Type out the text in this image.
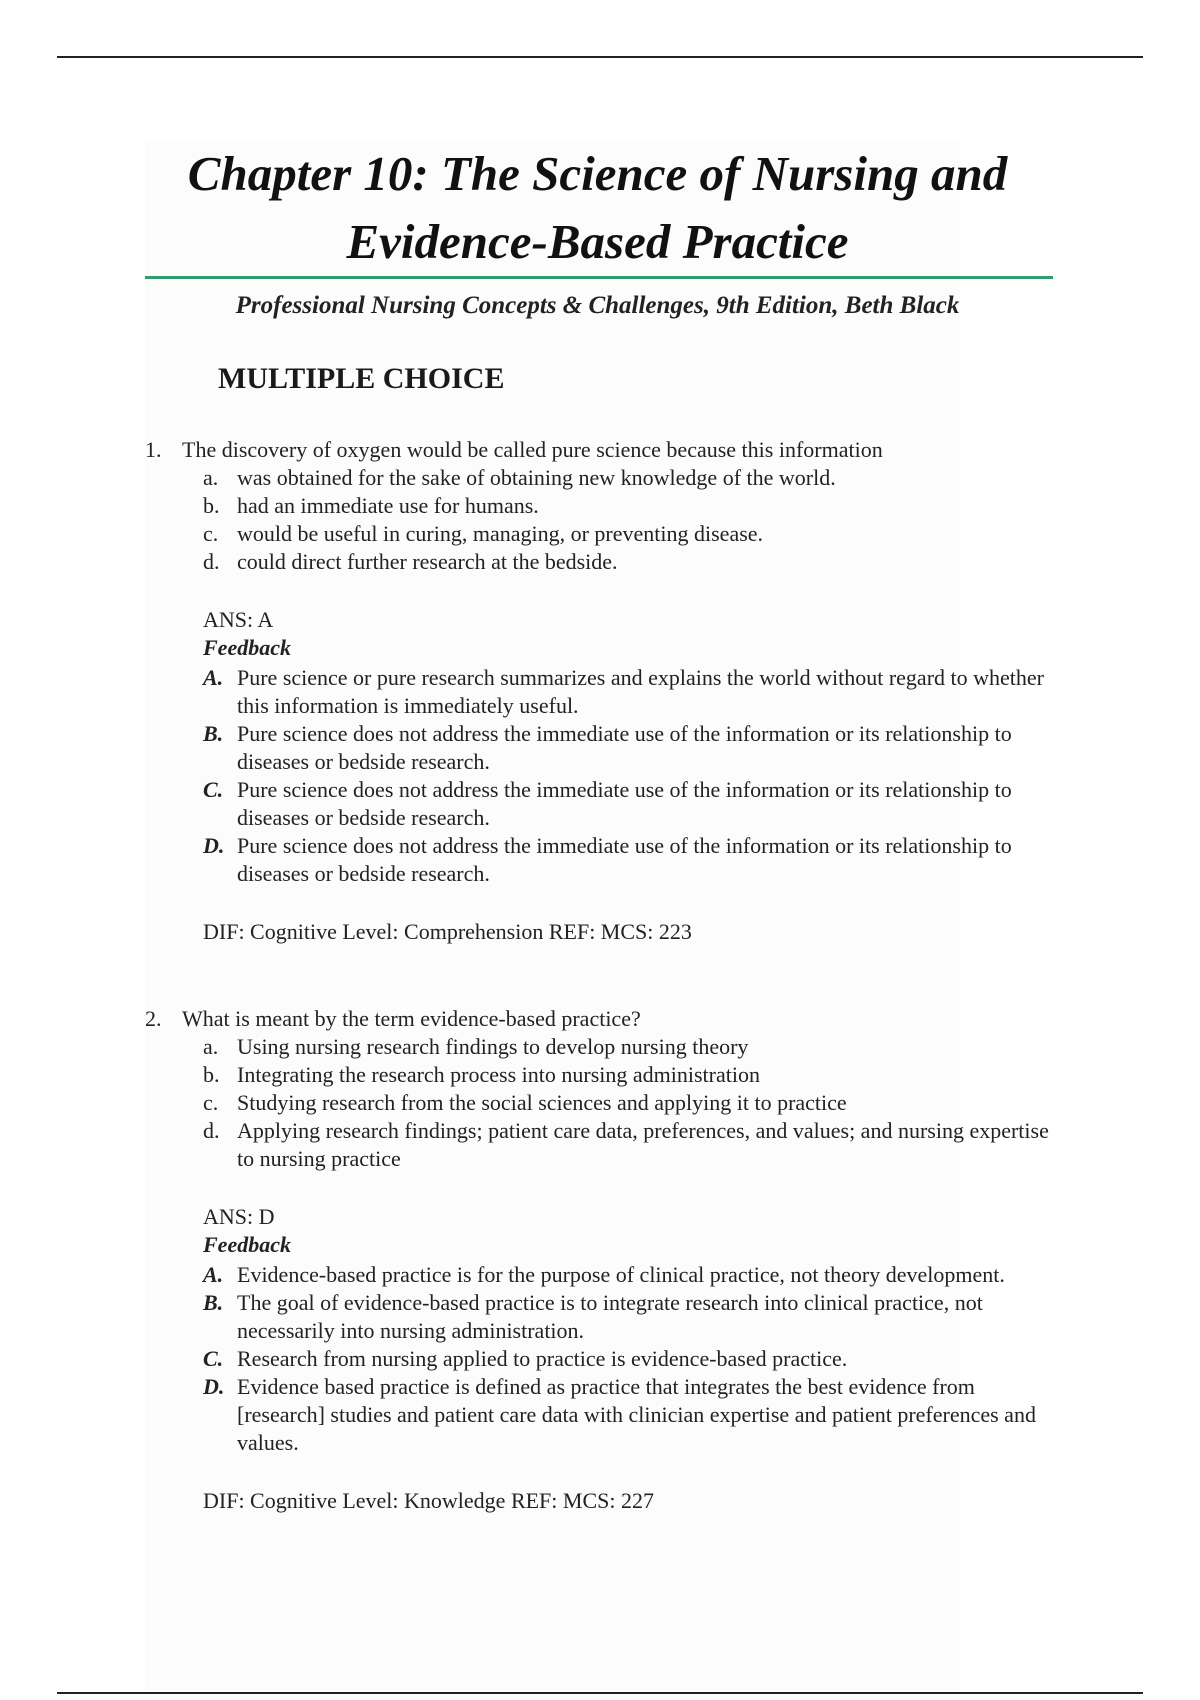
Chapter 10: The Science of Nursing and
Evidence-Based Practice
Professional Nursing Concepts & Challenges, 9th Edition, Beth Black
MULTIPLE CHOICE
1. The discovery of oxygen would be called pure science because this information
a. was obtained for the sake of obtaining new knowledge of the world.
b. had an immediate use for humans.
c. would be useful in curing, managing, or preventing disease.
d. could direct further research at the bedside.
ANS: A
Feedback
A. Pure science or pure research summarizes and explains the world without regard to whether this information is immediately useful.
B. Pure science does not address the immediate use of the information or its relationship to diseases or bedside research.
C. Pure science does not address the immediate use of the information or its relationship to diseases or bedside research.
D. Pure science does not address the immediate use of the information or its relationship to diseases or bedside research.
DIF: Cognitive Level: Comprehension REF: MCS: 223
2. What is meant by the term evidence-based practice?
a. Using nursing research findings to develop nursing theory
b. Integrating the research process into nursing administration
c. Studying research from the social sciences and applying it to practice
d. Applying research findings; patient care data, preferences, and values; and nursing expertise to nursing practice
ANS: D
Feedback
A. Evidence-based practice is for the purpose of clinical practice, not theory development.
B. The goal of evidence-based practice is to integrate research into clinical practice, not necessarily into nursing administration.
C. Research from nursing applied to practice is evidence-based practice.
D. Evidence based practice is defined as practice that integrates the best evidence from [research] studies and patient care data with clinician expertise and patient preferences and values.
DIF: Cognitive Level: Knowledge REF: MCS: 227
